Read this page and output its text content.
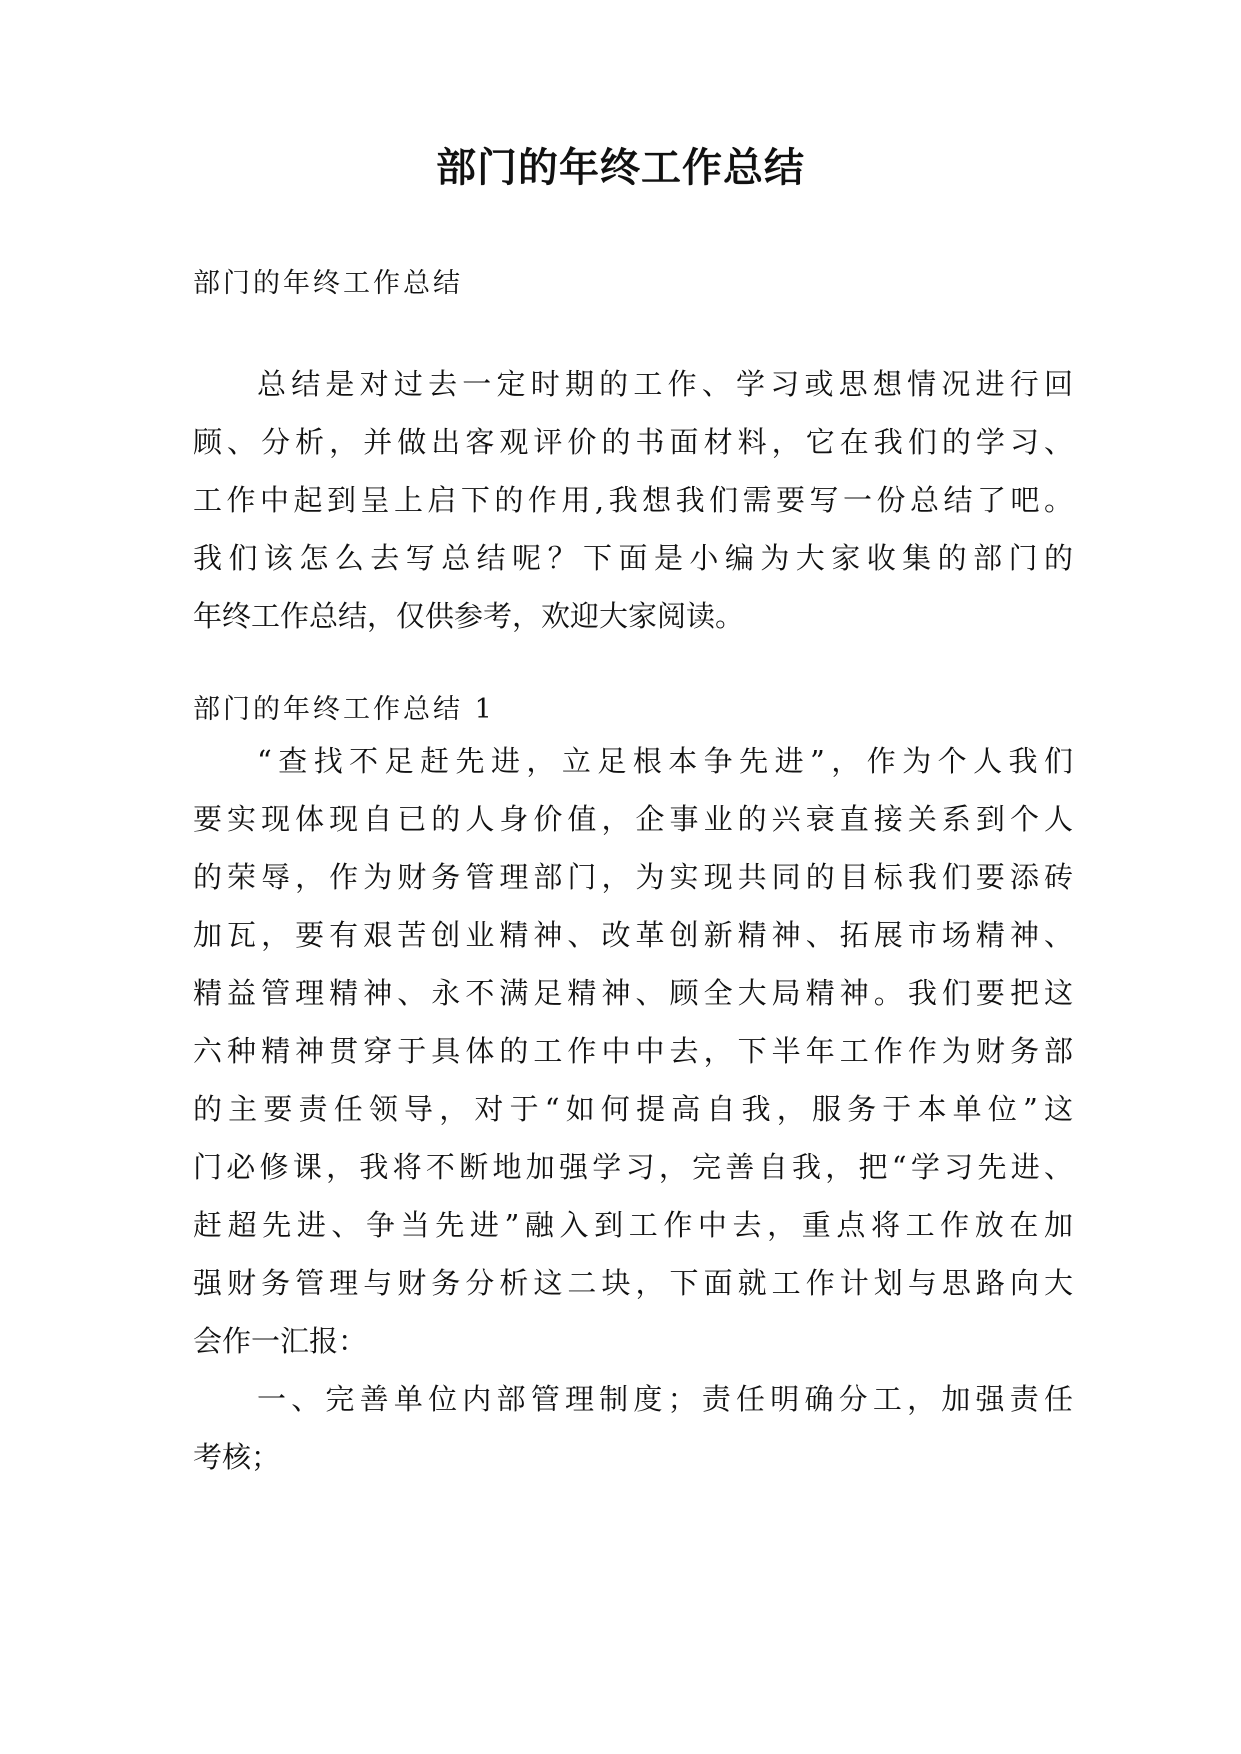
部门的年终工作总结
部门的年终工作总结
总结是对过去一定时期的工作、学习或思想情况进行回
顾、分析，并做出客观评价的书面材料，它在我们的学习、
工作中起到呈上启下的作用,我想我们需要写一份总结了吧。
我们该怎么去写总结呢？下面是小编为大家收集的部门的
年终工作总结，仅供参考，欢迎大家阅读。
部门的年终工作总结 1
“查找不足赶先进，立足根本争先进”，作为个人我们
要实现体现自已的人身价值，企事业的兴衰直接关系到个人
的荣辱，作为财务管理部门，为实现共同的目标我们要添砖
加瓦，要有艰苦创业精神、改革创新精神、拓展市场精神、
精益管理精神、永不满足精神、顾全大局精神。我们要把这
六种精神贯穿于具体的工作中中去，下半年工作作为财务部
的主要责任领导，对于“如何提高自我，服务于本单位”这
门必修课，我将不断地加强学习，完善自我，把“学习先进、
赶超先进、争当先进”融入到工作中去，重点将工作放在加
强财务管理与财务分析这二块，下面就工作计划与思路向大
会作一汇报：
一、完善单位内部管理制度；责任明确分工，加强责任
考核；
